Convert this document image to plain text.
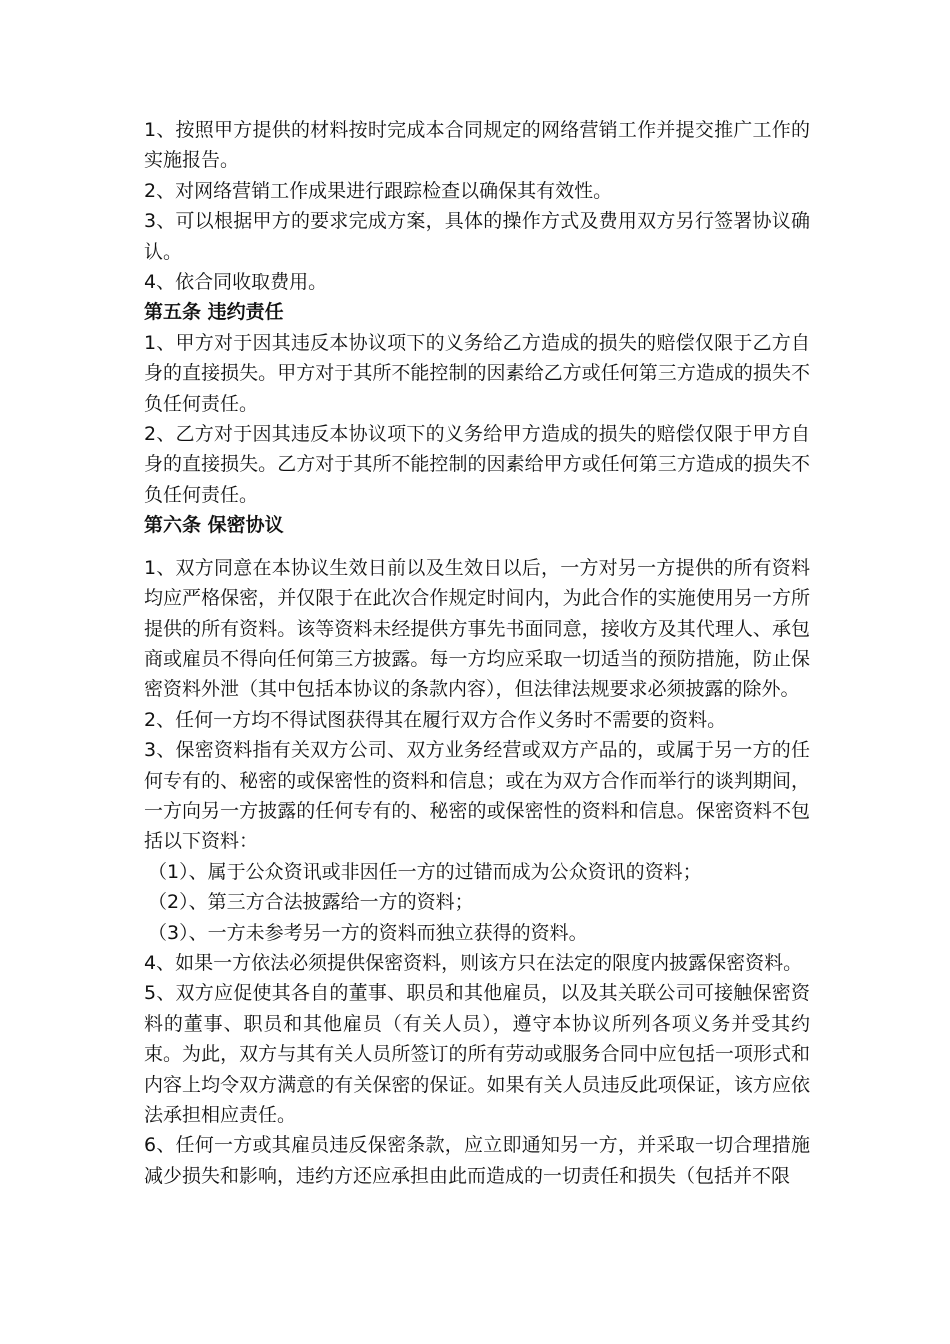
1、按照甲方提供的材料按时完成本合同规定的网络营销工作并提交推广工作的实施报告。

2、对网络营销工作成果进行跟踪检查以确保其有效性。

3、可以根据甲方的要求完成方案，具体的操作方式及费用双方另行签署协议确认。

4、依合同收取费用。

第五条 违约责任

1、甲方对于因其违反本协议项下的义务给乙方造成的损失的赔偿仅限于乙方自身的直接损失。甲方对于其所不能控制的因素给乙方或任何第三方造成的损失不负任何责任。

2、乙方对于因其违反本协议项下的义务给甲方造成的损失的赔偿仅限于甲方自身的直接损失。乙方对于其所不能控制的因素给甲方或任何第三方造成的损失不负任何责任。

第六条 保密协议

1、双方同意在本协议生效日前以及生效日以后，一方对另一方提供的所有资料均应严格保密，并仅限于在此次合作规定时间内，为此合作的实施使用另一方所提供的所有资料。该等资料未经提供方事先书面同意，接收方及其代理人、承包商或雇员不得向任何第三方披露。每一方均应采取一切适当的预防措施，防止保密资料外泄（其中包括本协议的条款内容），但法律法规要求必须披露的除外。

2、任何一方均不得试图获得其在履行双方合作义务时不需要的资料。

3、保密资料指有关双方公司、双方业务经营或双方产品的，或属于另一方的任何专有的、秘密的或保密性的资料和信息；或在为双方合作而举行的谈判期间，一方向另一方披露的任何专有的、秘密的或保密性的资料和信息。保密资料不包括以下资料：

（1）、属于公众资讯或非因任一方的过错而成为公众资讯的资料；

（2）、第三方合法披露给一方的资料；

（3）、一方未参考另一方的资料而独立获得的资料。

4、如果一方依法必须提供保密资料，则该方只在法定的限度内披露保密资料。

5、双方应促使其各自的董事、职员和其他雇员，以及其关联公司可接触保密资料的董事、职员和其他雇员（有关人员），遵守本协议所列各项义务并受其约束。为此，双方与其有关人员所签订的所有劳动或服务合同中应包括一项形式和内容上均令双方满意的有关保密的保证。如果有关人员违反此项保证，该方应依法承担相应责任。

6、任何一方或其雇员违反保密条款，应立即通知另一方，并采取一切合理措施减少损失和影响，违约方还应承担由此而造成的一切责任和损失（包括并不限
